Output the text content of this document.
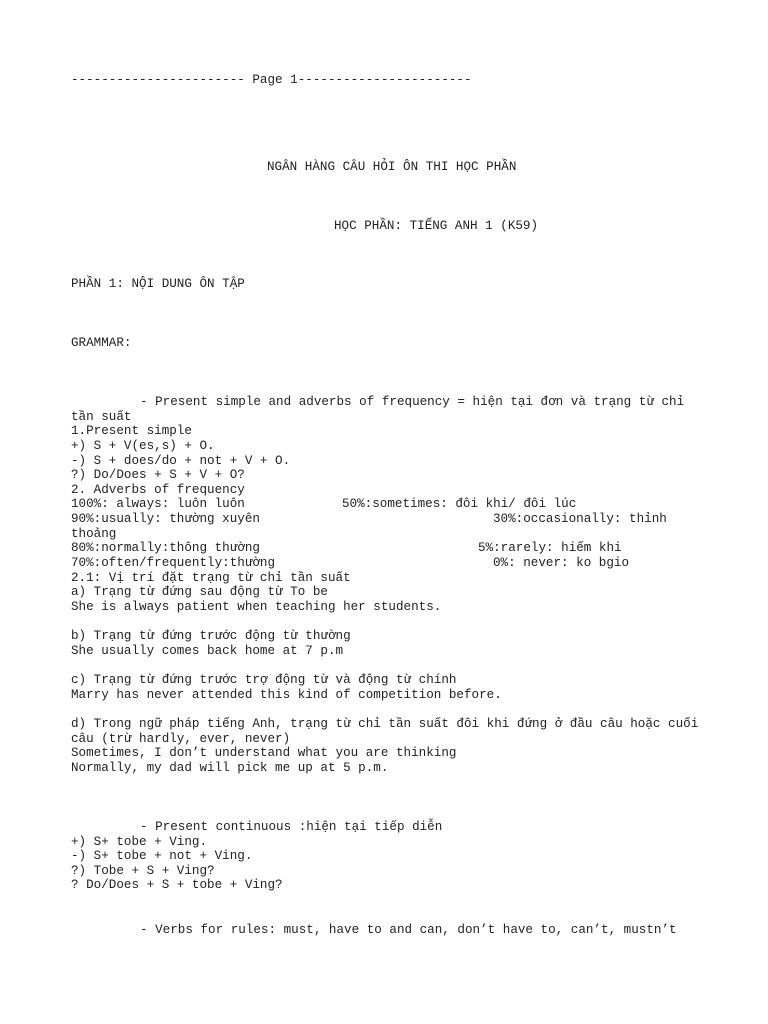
----------------------- Page 1-----------------------
NGÂN HÀNG CÂU HỎI ÔN THI HỌC PHẦN
HỌC PHẦN: TIẾNG ANH 1 (K59)
PHẦN 1: NỘI DUNG ÔN TẬP
GRAMMAR:
- Present simple and adverbs of frequency = hiện tại đơn và trạng từ chỉ
tần suất
1.Present simple
+) S + V(es,s) + O.
-) S + does/do + not + V + O.
?) Do/Does + S + V + O?
2. Adverbs of frequency
100%: always: luôn luôn	50%:sometimes: đôi khi/ đôi lúc
90%:usually: thường xuyên	30%:occasionally: thỉnh
thoảng
80%:normally:thông thường	5%:rarely: hiếm khi
70%:often/frequently:thường	0%: never: ko bgio
2.1: Vị trí đặt trạng từ chỉ tần suất
a) Trạng từ đứng sau động từ To be
She is always patient when teaching her students.
b) Trạng từ đứng trước động từ thường
She usually comes back home at 7 p.m
c) Trạng từ đứng trước trợ động từ và động từ chính
Marry has never attended this kind of competition before.
d) Trong ngữ pháp tiếng Anh, trạng từ chỉ tần suất đôi khi đứng ở đầu câu hoặc cuối
câu (trừ hardly, ever, never)
Sometimes, I don’t understand what you are thinking
Normally, my dad will pick me up at 5 p.m.
- Present continuous :hiện tại tiếp diễn
+) S+ tobe + Ving.
-) S+ tobe + not + Ving.
?) Tobe + S + Ving?
? Do/Does + S + tobe + Ving?
- Verbs for rules: must, have to and can, don’t have to, can’t, mustn’t
